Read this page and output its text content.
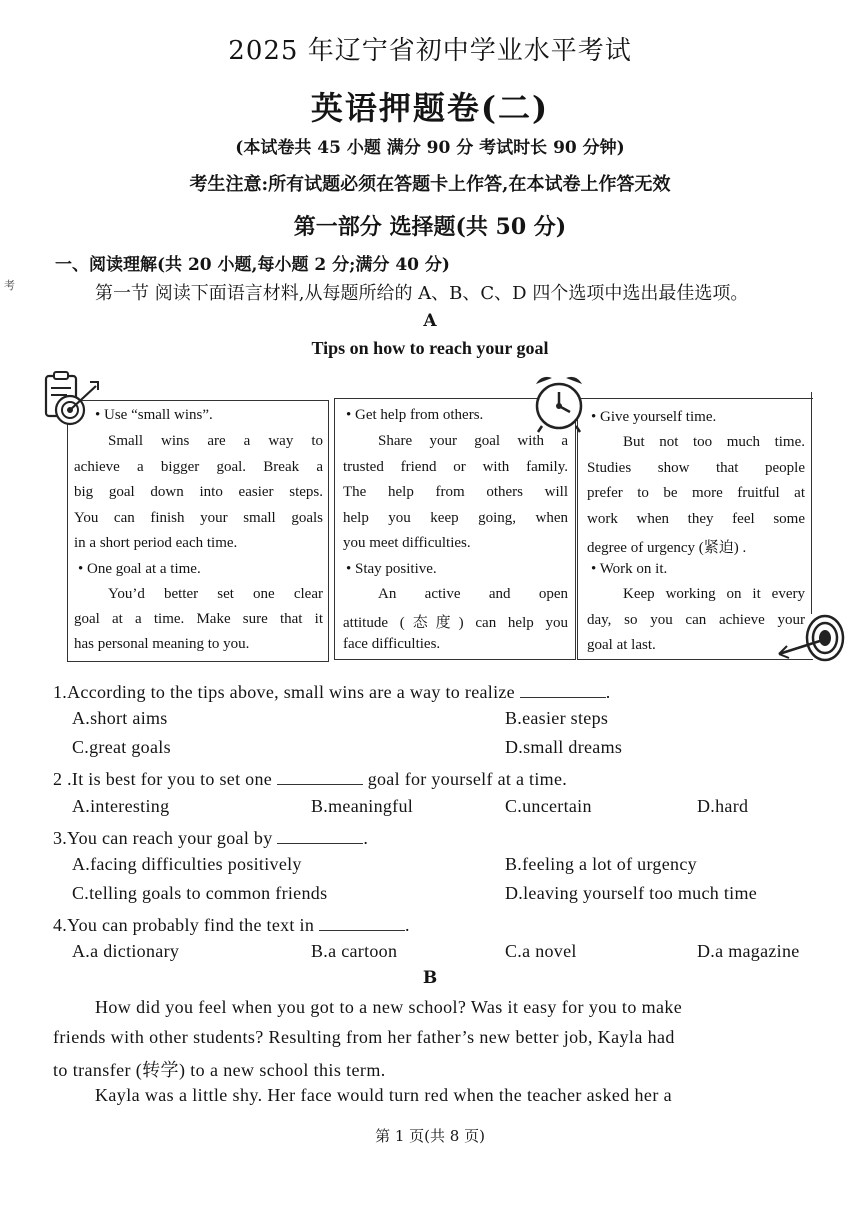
2025 年辽宁省初中学业水平考试
英语押题卷(二)
(本试卷共 45 小题 满分 90 分 考试时长 90 分钟)
考生注意:所有试题必须在答题卡上作答,在本试卷上作答无效
第一部分 选择题(共 50 分)
考
一、阅读理解(共 20 小题,每小题 2 分;满分 40 分)
第一节 阅读下面语言材料,从每题所给的 A、B、C、D 四个选项中选出最佳选项。
A
Tips on how to reach your goal
• Use “small wins”.
Small wins are a way to
achieve a bigger goal. Break a
big goal down into easier steps.
You can finish your small goals
in a short period each time.
• One goal at a time.
You’d better set one clear
goal at a time. Make sure that it
has personal meaning to you.
• Get help from others.
Share your goal with a
trusted friend or with family.
The help from others will
help you keep going, when
you meet difficulties.
• Stay positive.
An active and open
attitude (态度) can help you
face difficulties.
• Give yourself time.
But not too much time.
Studies show that people
prefer to be more fruitful at
work when they feel some
degree of urgency (紧迫) .
• Work on it.
Keep working on it every
day, so you can achieve your
goal at last.
1.According to the tips above, small wins are a way to realize	.
A.short aims	B.easier steps
C.great goals	D.small dreams
2 .It is best for you to set one	goal for yourself at a time.
A.interesting	B.meaningful	C.uncertain	D.hard
3.You can reach your goal by	.
A.facing difficulties positively	B.feeling a lot of urgency
C.telling goals to common friends	D.leaving yourself too much time
4.You can probably find the text in	.
A.a dictionary	B.a cartoon	C.a novel	D.a magazine
B
How did you feel when you got to a new school? Was it easy for you to make
friends with other students? Resulting from her father’s new better job, Kayla had
to transfer (转学) to a new school this term.
Kayla was a little shy. Her face would turn red when the teacher asked her a
第 1 页(共 8 页)
